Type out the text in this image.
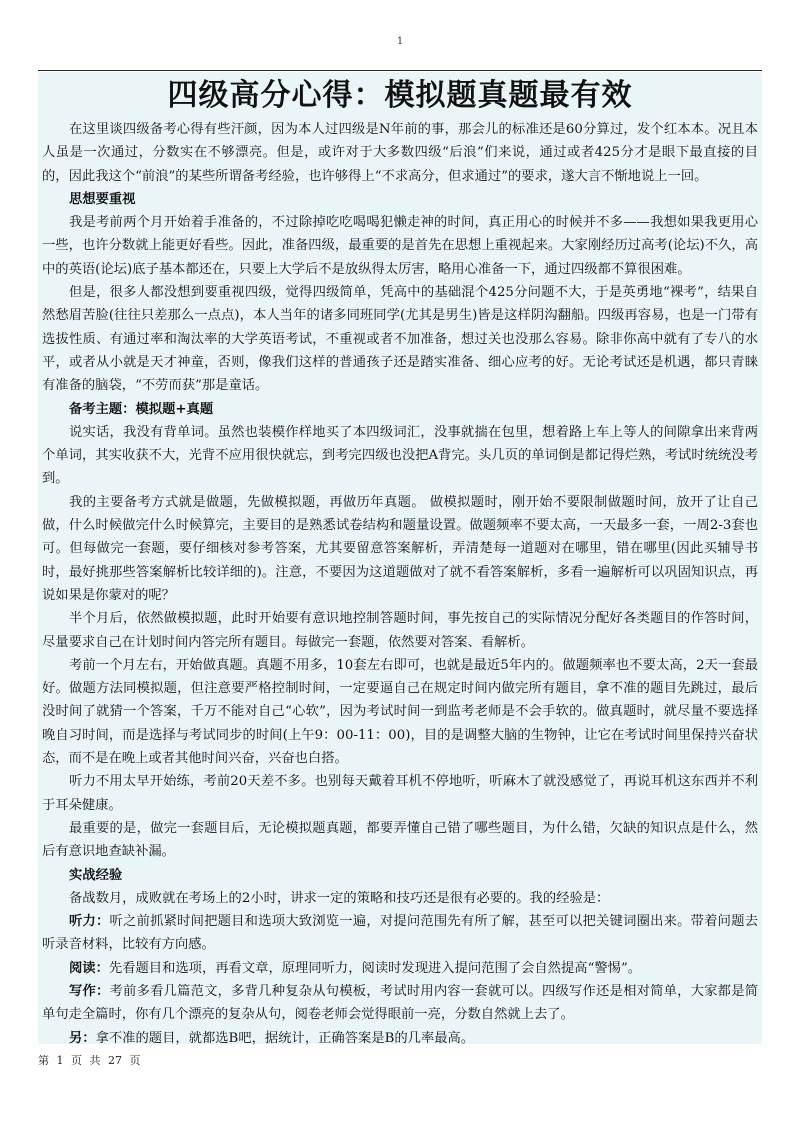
1
四级高分心得：模拟题真题最有效

在这里谈四级备考心得有些汗颜，因为本人过四级是N年前的事，那会儿的标准还是60分算过，发个红本本。况且本人虽是一次通过，分数实在不够漂亮。但是，或许对于大多数四级“后浪”们来说，通过或者425分才是眼下最直接的目的，因此我这个“前浪”的某些所谓备考经验，也许够得上“不求高分，但求通过”的要求，遂大言不惭地说上一回。

思想要重视

我是考前两个月开始着手准备的，不过除掉吃吃喝喝犯懒走神的时间，真正用心的时候并不多——我想如果我更用心一些，也许分数就上能更好看些。因此，准备四级，最重要的是首先在思想上重视起来。大家刚经历过高考(论坛)不久，高中的英语(论坛)底子基本都还在，只要上大学后不是放纵得太厉害，略用心准备一下，通过四级都不算很困难。

但是，很多人都没想到要重视四级，觉得四级简单，凭高中的基础混个425分问题不大，于是英勇地“裸考”，结果自然愁眉苦脸(往往只差那么一点点)，本人当年的诸多同班同学(尤其是男生)皆是这样阴沟翻船。四级再容易，也是一门带有选拔性质、有通过率和淘汰率的大学英语考试，不重视或者不加准备，想过关也没那么容易。除非你高中就有了专八的水平，或者从小就是天才神童，否则，像我们这样的普通孩子还是踏实准备、细心应考的好。无论考试还是机遇，都只青睐有准备的脑袋，“不劳而获”那是童话。

备考主题：模拟题+真题

说实话，我没有背单词。虽然也装模作样地买了本四级词汇，没事就揣在包里，想着路上车上等人的间隙拿出来背两个单词，其实收获不大，光背不应用很快就忘，到考完四级也没把A背完。头几页的单词倒是都记得烂熟，考试时统统没考到。

我的主要备考方式就是做题，先做模拟题，再做历年真题。 做模拟题时，刚开始不要限制做题时间，放开了让自己做，什么时候做完什么时候算完，主要目的是熟悉试卷结构和题量设置。做题频率不要太高，一天最多一套，一周2-3套也可。但每做完一套题，要仔细核对参考答案，尤其要留意答案解析，弄清楚每一道题对在哪里，错在哪里(因此买辅导书时，最好挑那些答案解析比较详细的)。注意，不要因为这道题做对了就不看答案解析，多看一遍解析可以巩固知识点，再说如果是你蒙对的呢？

半个月后，依然做模拟题，此时开始要有意识地控制答题时间，事先按自己的实际情况分配好各类题目的作答时间，尽量要求自己在计划时间内答完所有题目。每做完一套题，依然要对答案、看解析。

考前一个月左右，开始做真题。真题不用多，10套左右即可，也就是最近5年内的。做题频率也不要太高，2天一套最好。做题方法同模拟题，但注意要严格控制时间，一定要逼自己在规定时间内做完所有题目，拿不准的题目先跳过，最后没时间了就猜一个答案，千万不能对自己“心软”，因为考试时间一到监考老师是不会手软的。做真题时，就尽量不要选择晚自习时间，而是选择与考试同步的时间(上午9：00-11：00)，目的是调整大脑的生物钟，让它在考试时间里保持兴奋状态，而不是在晚上或者其他时间兴奋，兴奋也白搭。

听力不用太早开始练，考前20天差不多。也别每天戴着耳机不停地听，听麻木了就没感觉了，再说耳机这东西并不利于耳朵健康。

最重要的是，做完一套题目后，无论模拟题真题，都要弄懂自己错了哪些题目，为什么错，欠缺的知识点是什么，然后有意识地查缺补漏。

实战经验

备战数月，成败就在考场上的2小时，讲求一定的策略和技巧还是很有必要的。我的经验是：

听力：听之前抓紧时间把题目和选项大致浏览一遍，对提问范围先有所了解，甚至可以把关键词圈出来。带着问题去听录音材料，比较有方向感。

阅读：先看题目和选项，再看文章，原理同听力，阅读时发现进入提问范围了会自然提高“警惕”。

写作：考前多看几篇范文，多背几种复杂从句模板，考试时用内容一套就可以。四级写作还是相对简单，大家都是简单句走全篇时，你有几个漂亮的复杂从句，阅卷老师会觉得眼前一亮，分数自然就上去了。

另：拿不准的题目，就都选B吧，据统计，正确答案是B的几率最高。

第 1 页 共 27 页
